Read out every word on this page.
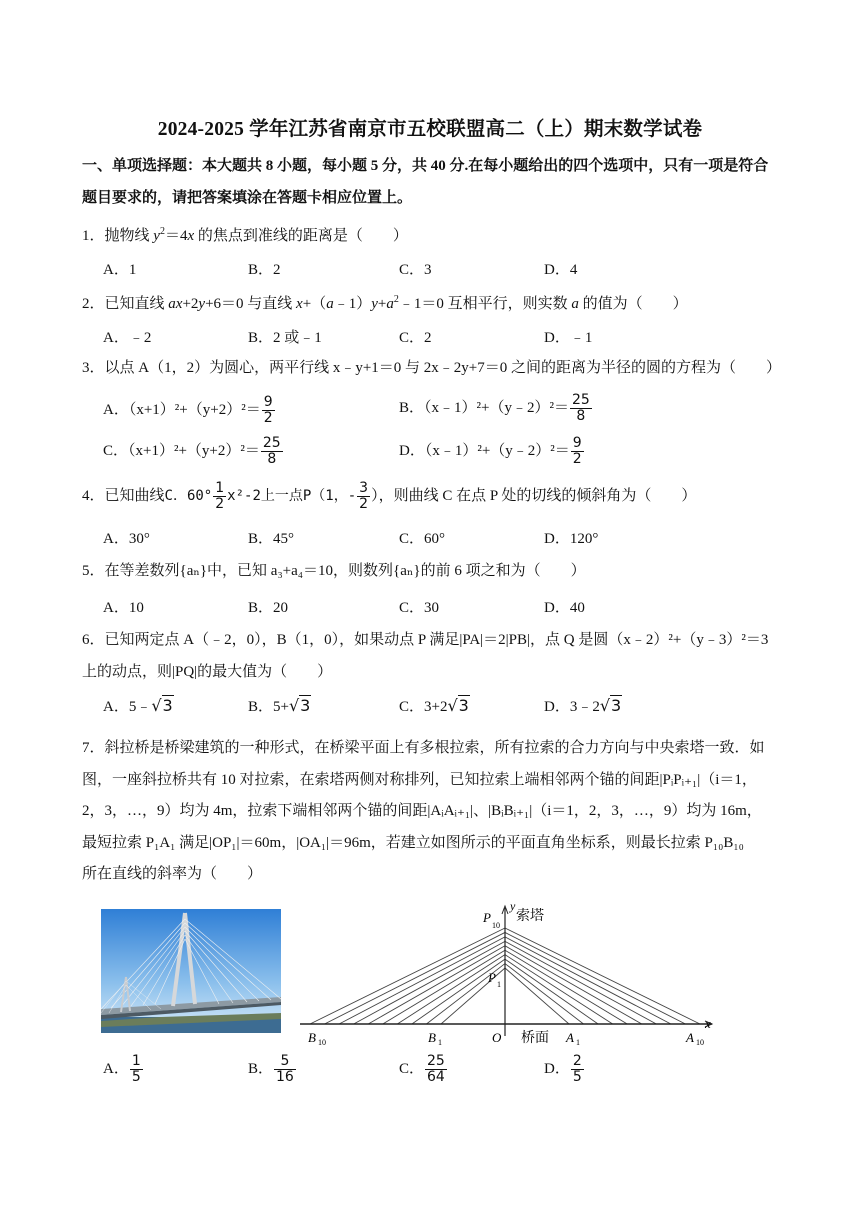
2024-2025 学年江苏省南京市五校联盟高二（上）期末数学试卷
一、单项选择题：本大题共 8 小题，每小题 5 分，共 40 分.在每小题给出的四个选项中，只有一项是符合
题目要求的，请把答案填涂在答题卡相应位置上。
1．抛物线 $y^2=4x$ 的焦点到准线的距离是（　　）
A．1	B．2	C．3	D．4
2．已知直线 ax+2y+6＝0 与直线 $x+(a﹣1)y+a^2﹣1=0$ 互相平行，则实数 a 的值为（　　）
A．﹣2	B．2 或﹣1	C．2	D．﹣1
3．以点 A（1，2）为圆心，两平行线 x﹣y+1＝0 与 2x﹣2y+7＝0 之间的距离为半径的圆的方程为（　　）
A．$(x+1)^2+(y+2)^2= \frac{9}{2}$	B．（x﹣1）²+（y﹣2）²＝ $\frac{25}{8}$
C．$(x+1)^2+(y+2)^2= \frac{25}{8}$	D．（x﹣1）²+（y﹣2）²＝ $\frac{9}{2}$
4．已知曲线C．$60^\circ \frac{1}{2} x^2-2$上一点P（1，- $\frac{3}{2}$ ），则曲线 C 在点 P 处的切线的倾斜角为（　　）
A．30°	B．45°	C．60°	D．120°
5．在等差数列{aₙ}中，已知 a₃+a₄＝10，则数列{aₙ}的前 6 项之和为（　　）
A．10	B．20	C．30	D．40
6．已知两定点 A（﹣2，0），B（1，0），如果动点 P 满足|PA|＝2|PB|，点 Q 是圆（x﹣2）²+（y﹣3）²＝3
上的动点，则|PQ|的最大值为（　　）
A．5﹣√3	B．5+√3	C．3+2√3	D．3﹣2√3
7．斜拉桥是桥梁建筑的一种形式，在桥梁平面上有多根拉索，所有拉索的合力方向与中央索塔一致．如
图，一座斜拉桥共有 10 对拉索，在索塔两侧对称排列，已知拉索上端相邻两个锚的间距|PᵢPᵢ₊₁|（i＝1，
2，3，…，9）均为 4m，拉索下端相邻两个锚的间距|AᵢAᵢ₊₁|、|BᵢBᵢ₊₁|（i＝1，2，3，…，9）均为 16m，
最短拉索 P₁A₁ 满足|OP₁|＝60m，|OA₁|＝96m，若建立如图所示的平面直角坐标系，则最长拉索 P₁₀B₁₀
所在直线的斜率为（　　）
y
x
P
10
索塔
P 1
B 10	B 1	O 桥面 A 1	A 10
A． $\frac{1}{5}$	B． $\frac{5}{16}$	C． $\frac{25}{64}$	D． $\frac{2}{5}$
